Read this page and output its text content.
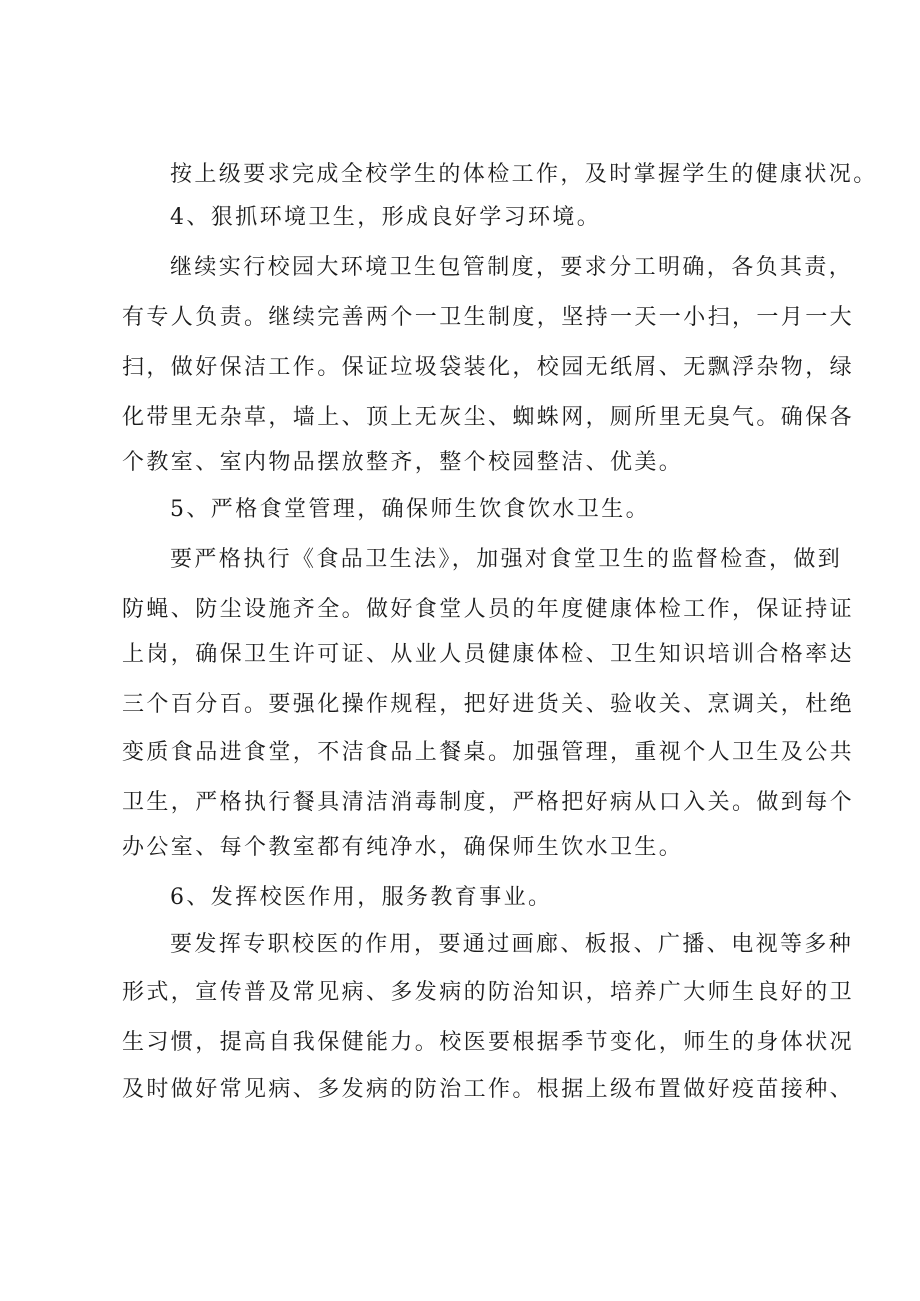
按上级要求完成全校学生的体检工作，及时掌握学生的健康状况。
4、狠抓环境卫生，形成良好学习环境。
继续实行校园大环境卫生包管制度，要求分工明确，各负其责，
有专人负责。继续完善两个一卫生制度，坚持一天一小扫，一月一大
扫，做好保洁工作。保证垃圾袋装化，校园无纸屑、无飘浮杂物，绿
化带里无杂草，墙上、顶上无灰尘、蜘蛛网，厕所里无臭气。确保各
个教室、室内物品摆放整齐，整个校园整洁、优美。
5、严格食堂管理，确保师生饮食饮水卫生。
要严格执行《食品卫生法》，加强对食堂卫生的监督检查，做到
防蝇、防尘设施齐全。做好食堂人员的年度健康体检工作，保证持证
上岗，确保卫生许可证、从业人员健康体检、卫生知识培训合格率达
三个百分百。要强化操作规程，把好进货关、验收关、烹调关，杜绝
变质食品进食堂，不洁食品上餐桌。加强管理，重视个人卫生及公共
卫生，严格执行餐具清洁消毒制度，严格把好病从口入关。做到每个
办公室、每个教室都有纯净水，确保师生饮水卫生。
6、发挥校医作用，服务教育事业。
要发挥专职校医的作用，要通过画廊、板报、广播、电视等多种
形式，宣传普及常见病、多发病的防治知识，培养广大师生良好的卫
生习惯，提高自我保健能力。校医要根据季节变化，师生的身体状况
及时做好常见病、多发病的防治工作。根据上级布置做好疫苗接种、
